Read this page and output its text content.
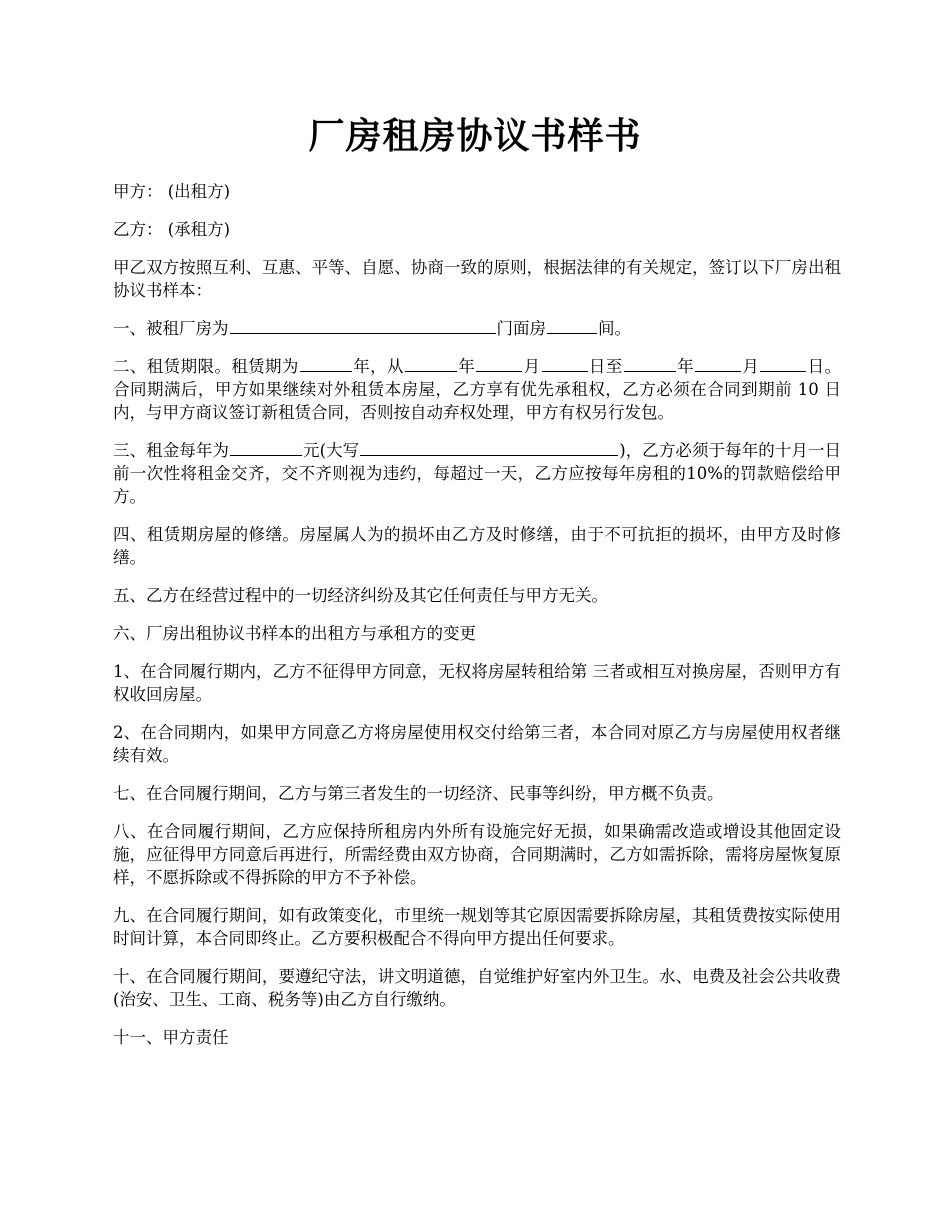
厂房租房协议书样书

甲方： (出租方)

乙方： (承租方)

甲乙双方按照互利、互惠、平等、自愿、协商一致的原则，根据法律的有关规定，签订以下厂房出租协议书样本：

一、被租厂房为	门面房	间。

二、租赁期限。租赁期为	年，从	年	月	日至	年	月	日。合同期满后，甲方如果继续对外租赁本房屋，乙方享有优先承租权，乙方必须在合同到期前 10 日内，与甲方商议签订新租赁合同，否则按自动弃权处理，甲方有权另行发包。

三、租金每年为	元(大写	)，乙方必须于每年的十月一日前一次性将租金交齐，交不齐则视为违约，每超过一天，乙方应按每年房租的10%的罚款赔偿给甲方。

四、租赁期房屋的修缮。房屋属人为的损坏由乙方及时修缮，由于不可抗拒的损坏，由甲方及时修缮。

五、乙方在经营过程中的一切经济纠纷及其它任何责任与甲方无关。

六、厂房出租协议书样本的出租方与承租方的变更

1、在合同履行期内，乙方不征得甲方同意，无权将房屋转租给第 三者或相互对换房屋，否则甲方有权收回房屋。

2、在合同期内，如果甲方同意乙方将房屋使用权交付给第三者，本合同对原乙方与房屋使用权者继续有效。

七、在合同履行期间，乙方与第三者发生的一切经济、民事等纠纷，甲方概不负责。

八、在合同履行期间，乙方应保持所租房内外所有设施完好无损，如果确需改造或增设其他固定设施，应征得甲方同意后再进行，所需经费由双方协商，合同期满时，乙方如需拆除，需将房屋恢复原样，不愿拆除或不得拆除的甲方不予补偿。

九、在合同履行期间，如有政策变化，市里统一规划等其它原因需要拆除房屋，其租赁费按实际使用时间计算，本合同即终止。乙方要积极配合不得向甲方提出任何要求。

十、在合同履行期间，要遵纪守法，讲文明道德，自觉维护好室内外卫生。水、电费及社会公共收费(治安、卫生、工商、税务等)由乙方自行缴纳。

十一、甲方责任
